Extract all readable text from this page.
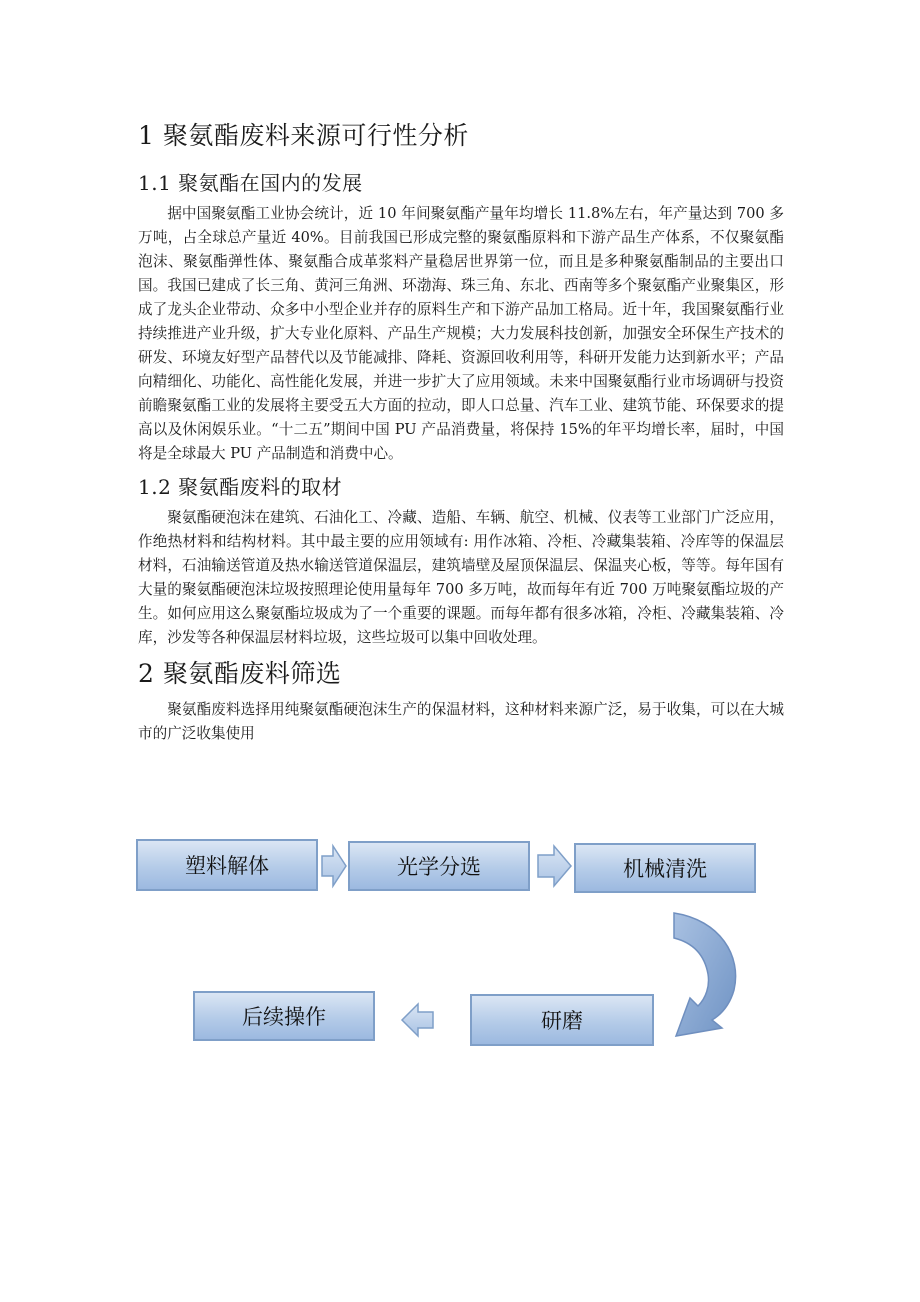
1 聚氨酯废料来源可行性分析
1.1 聚氨酯在国内的发展

据中国聚氨酯工业协会统计，近 10 年间聚氨酯产量年均增长 11.8%左右，年产量达到 700 多万吨，占全球总产量近 40%。目前我国已形成完整的聚氨酯原料和下游产品生产体系，不仅聚氨酯泡沫、聚氨酯弹性体、聚氨酯合成革浆料产量稳居世界第一位，而且是多种聚氨酯制品的主要出口国。我国已建成了长三角、黄河三角洲、环渤海、珠三角、东北、西南等多个聚氨酯产业聚集区，形成了龙头企业带动、众多中小型企业并存的原料生产和下游产品加工格局。近十年，我国聚氨酯行业持续推进产业升级，扩大专业化原料、产品生产规模；大力发展科技创新，加强安全环保生产技术的研发、环境友好型产品替代以及节能减排、降耗、资源回收利用等，科研开发能力达到新水平；产品向精细化、功能化、高性能化发展，并进一步扩大了应用领域。未来中国聚氨酯行业市场调研与投资前瞻聚氨酯工业的发展将主要受五大方面的拉动，即人口总量、汽车工业、建筑节能、环保要求的提高以及休闲娱乐业。“十二五”期间中国 PU 产品消费量，将保持 15%的年平均增长率，届时，中国将是全球最大 PU 产品制造和消费中心。

1.2 聚氨酯废料的取材

聚氨酯硬泡沫在建筑、石油化工、冷藏、造船、车辆、航空、机械、仪表等工业部门广泛应用，作绝热材料和结构材料。其中最主要的应用领域有: 用作冰箱、冷柜、冷藏集装箱、冷库等的保温层材料，石油输送管道及热水输送管道保温层，建筑墙壁及屋顶保温层、保温夹心板，等等。每年国有大量的聚氨酯硬泡沫垃圾按照理论使用量每年 700 多万吨，故而每年有近 700 万吨聚氨酯垃圾的产生。如何应用这么聚氨酯垃圾成为了一个重要的课题。而每年都有很多冰箱，冷柜、冷藏集装箱、冷库，沙发等各种保温层材料垃圾，这些垃圾可以集中回收处理。

2 聚氨酯废料筛选

聚氨酯废料选择用纯聚氨酯硬泡沫生产的保温材料，这种材料来源广泛，易于收集，可以在大城市的广泛收集使用

塑料解体	光学分选	机械清洗
研磨
后续操作
